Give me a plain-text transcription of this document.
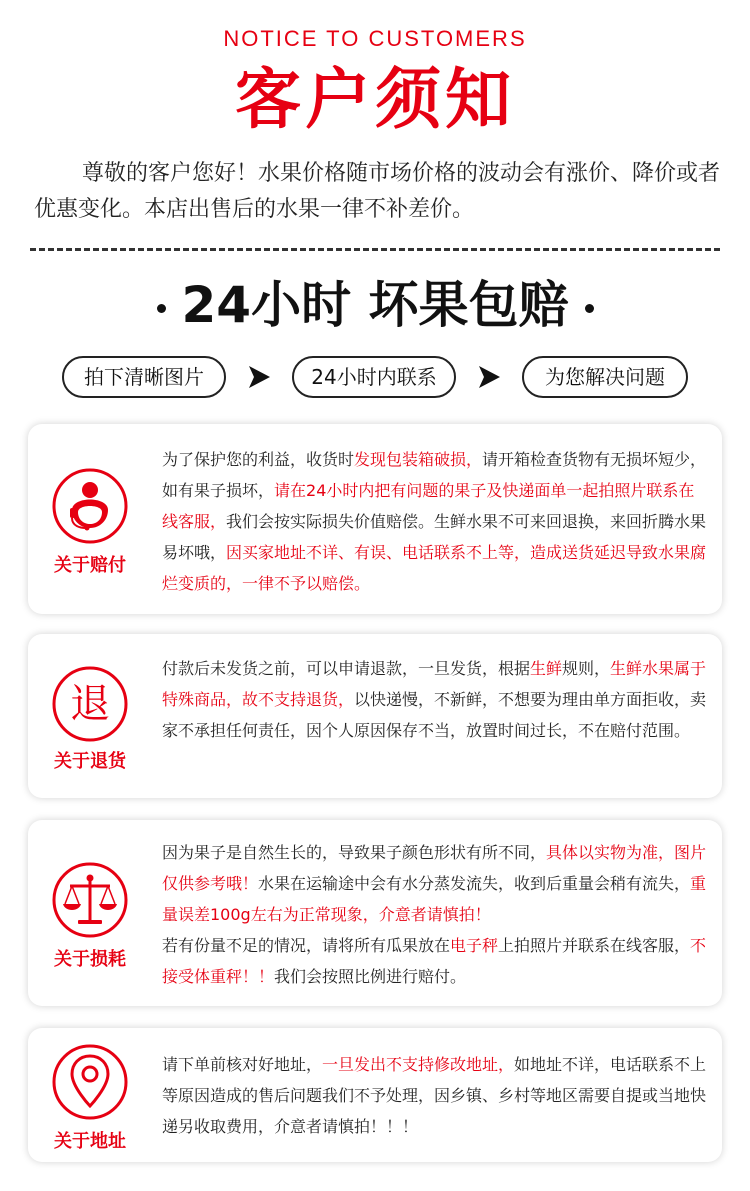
NOTICE TO CUSTOMERS
客户须知
尊敬的客户您好！水果价格随市场价格的波动会有涨价、降价或者优惠变化。本店出售后的水果一律不补差价。
24小时 坏果包赔
拍下清晰图片	24小时内联系	为您解决问题
关于赔付
为了保护您的利益，收货时发现包装箱破损，请开箱检查货物有无损坏短少，如有果子损坏，请在24小时内把有问题的果子及快递面单一起拍照片联系在线客服，我们会按实际损失价值赔偿。生鲜水果不可来回退换，来回折腾水果易坏哦，因买家地址不详、有误、电话联系不上等，造成送货延迟导致水果腐烂变质的，一律不予以赔偿。
退
关于退货
付款后未发货之前，可以申请退款，一旦发货，根据生鲜规则，生鲜水果属于特殊商品，故不支持退货，以快递慢，不新鲜，不想要为理由单方面拒收，卖家不承担任何责任，因个人原因保存不当，放置时间过长，不在赔付范围。
关于损耗
因为果子是自然生长的，导致果子颜色形状有所不同，具体以实物为准，图片仅供参考哦！水果在运输途中会有水分蒸发流失，收到后重量会稍有流失，重量误差100g左右为正常现象，介意者请慎拍！
若有份量不足的情况，请将所有瓜果放在电子秤上拍照片并联系在线客服，不接受体重秤！！我们会按照比例进行赔付。
关于地址
请下单前核对好地址，一旦发出不支持修改地址，如地址不详，电话联系不上等原因造成的售后问题我们不予处理，因乡镇、乡村等地区需要自提或当地快递另收取费用，介意者请慎拍！！！
